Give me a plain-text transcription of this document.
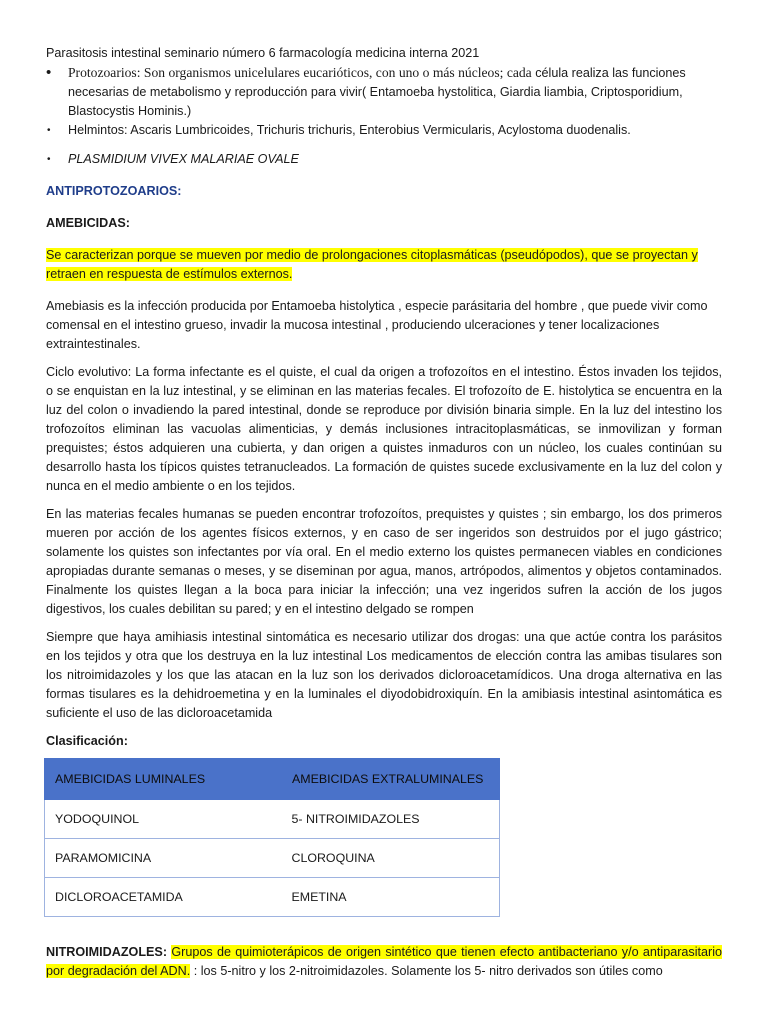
Parasitosis intestinal seminario número 6 farmacología medicina interna 2021

• Protozoarios: Son organismos unicelulares eucarióticos, con uno o más núcleos; cada célula realiza las funciones necesarias de metabolismo y reproducción para vivir( Entamoeba hystolitica, Giardia liambia, Criptosporidium, Blastocystis Hominis.)
• Helmintos: Ascaris Lumbricoides, Trichuris trichuris, Enterobius Vermicularis, Acylostoma duodenalis.
• PLASMIDIUM VIVEX MALARIAE OVALE

ANTIPROTOZOARIOS:

AMEBICIDAS:

Se caracterizan porque se mueven por medio de prolongaciones citoplasmáticas (pseudópodos), que se proyectan y retraen en respuesta de estímulos externos.

Amebiasis es la infección producida por Entamoeba histolytica , especie parásitaria del hombre , que puede vivir como comensal en el intestino grueso, invadir la mucosa intestinal , produciendo ulceraciones y tener localizaciones extraintestinales.

Ciclo evolutivo: La forma infectante es el quiste, el cual da origen a trofozoítos en el intestino. Éstos invaden los tejidos, o se enquistan en la luz intestinal, y se eliminan en las materias fecales. El trofozoíto de E. histolytica se encuentra en la luz del colon o invadiendo la pared intestinal, donde se reproduce por división binaria simple. En la luz del intestino los trofozoítos eliminan las vacuolas alimenticias, y demás inclusiones intracitoplasmáticas, se inmovilizan y forman prequistes; éstos adquieren una cubierta, y dan origen a quistes inmaduros con un núcleo, los cuales continúan su desarrollo hasta los típicos quistes tetranucleados. La formación de quistes sucede exclusivamente en la luz del colon y nunca en el medio ambiente o en los tejidos.

En las materias fecales humanas se pueden encontrar trofozoítos, prequistes y quistes ; sin embargo, los dos primeros mueren por acción de los agentes físicos externos, y en caso de ser ingeridos son destruidos por el jugo gástrico; solamente los quistes son infectantes por vía oral. En el medio externo los quistes permanecen viables en condiciones apropiadas durante semanas o meses, y se diseminan por agua, manos, artrópodos, alimentos y objetos contaminados. Finalmente los quistes llegan a la boca para iniciar la infección; una vez ingeridos sufren la acción de los jugos digestivos, los cuales debilitan su pared; y en el intestino delgado se rompen

Siempre que haya amihiasis intestinal sintomática es necesario utilizar dos drogas: una que actúe contra los parásitos en los tejidos y otra que los destruya en la luz intestinal Los medicamentos de elección contra las amibas tisulares son los nitroimidazoles y los que las atacan en la luz son los derivados dicloroacetamídicos. Una droga alternativa en las formas tisulares es la dehidroemetina y en la luminales el diyodobidroxiquín. En la amibiasis intestinal asintomática es suficiente el uso de las dicloroacetamida

Clasificación:

AMEBICIDAS LUMINALES	AMEBICIDAS EXTRALUMINALES
YODOQUINOL	5- NITROIMIDAZOLES
PARAMOMICINA	CLOROQUINA
DICLOROACETAMIDA	EMETINA

NITROIMIDAZOLES: Grupos de quimioterápicos de origen sintético que tienen efecto antibacteriano y/o antiparasitario por degradación del ADN. : los 5-nitro y los 2-nitroimidazoles. Solamente los 5- nitro derivados son útiles como
